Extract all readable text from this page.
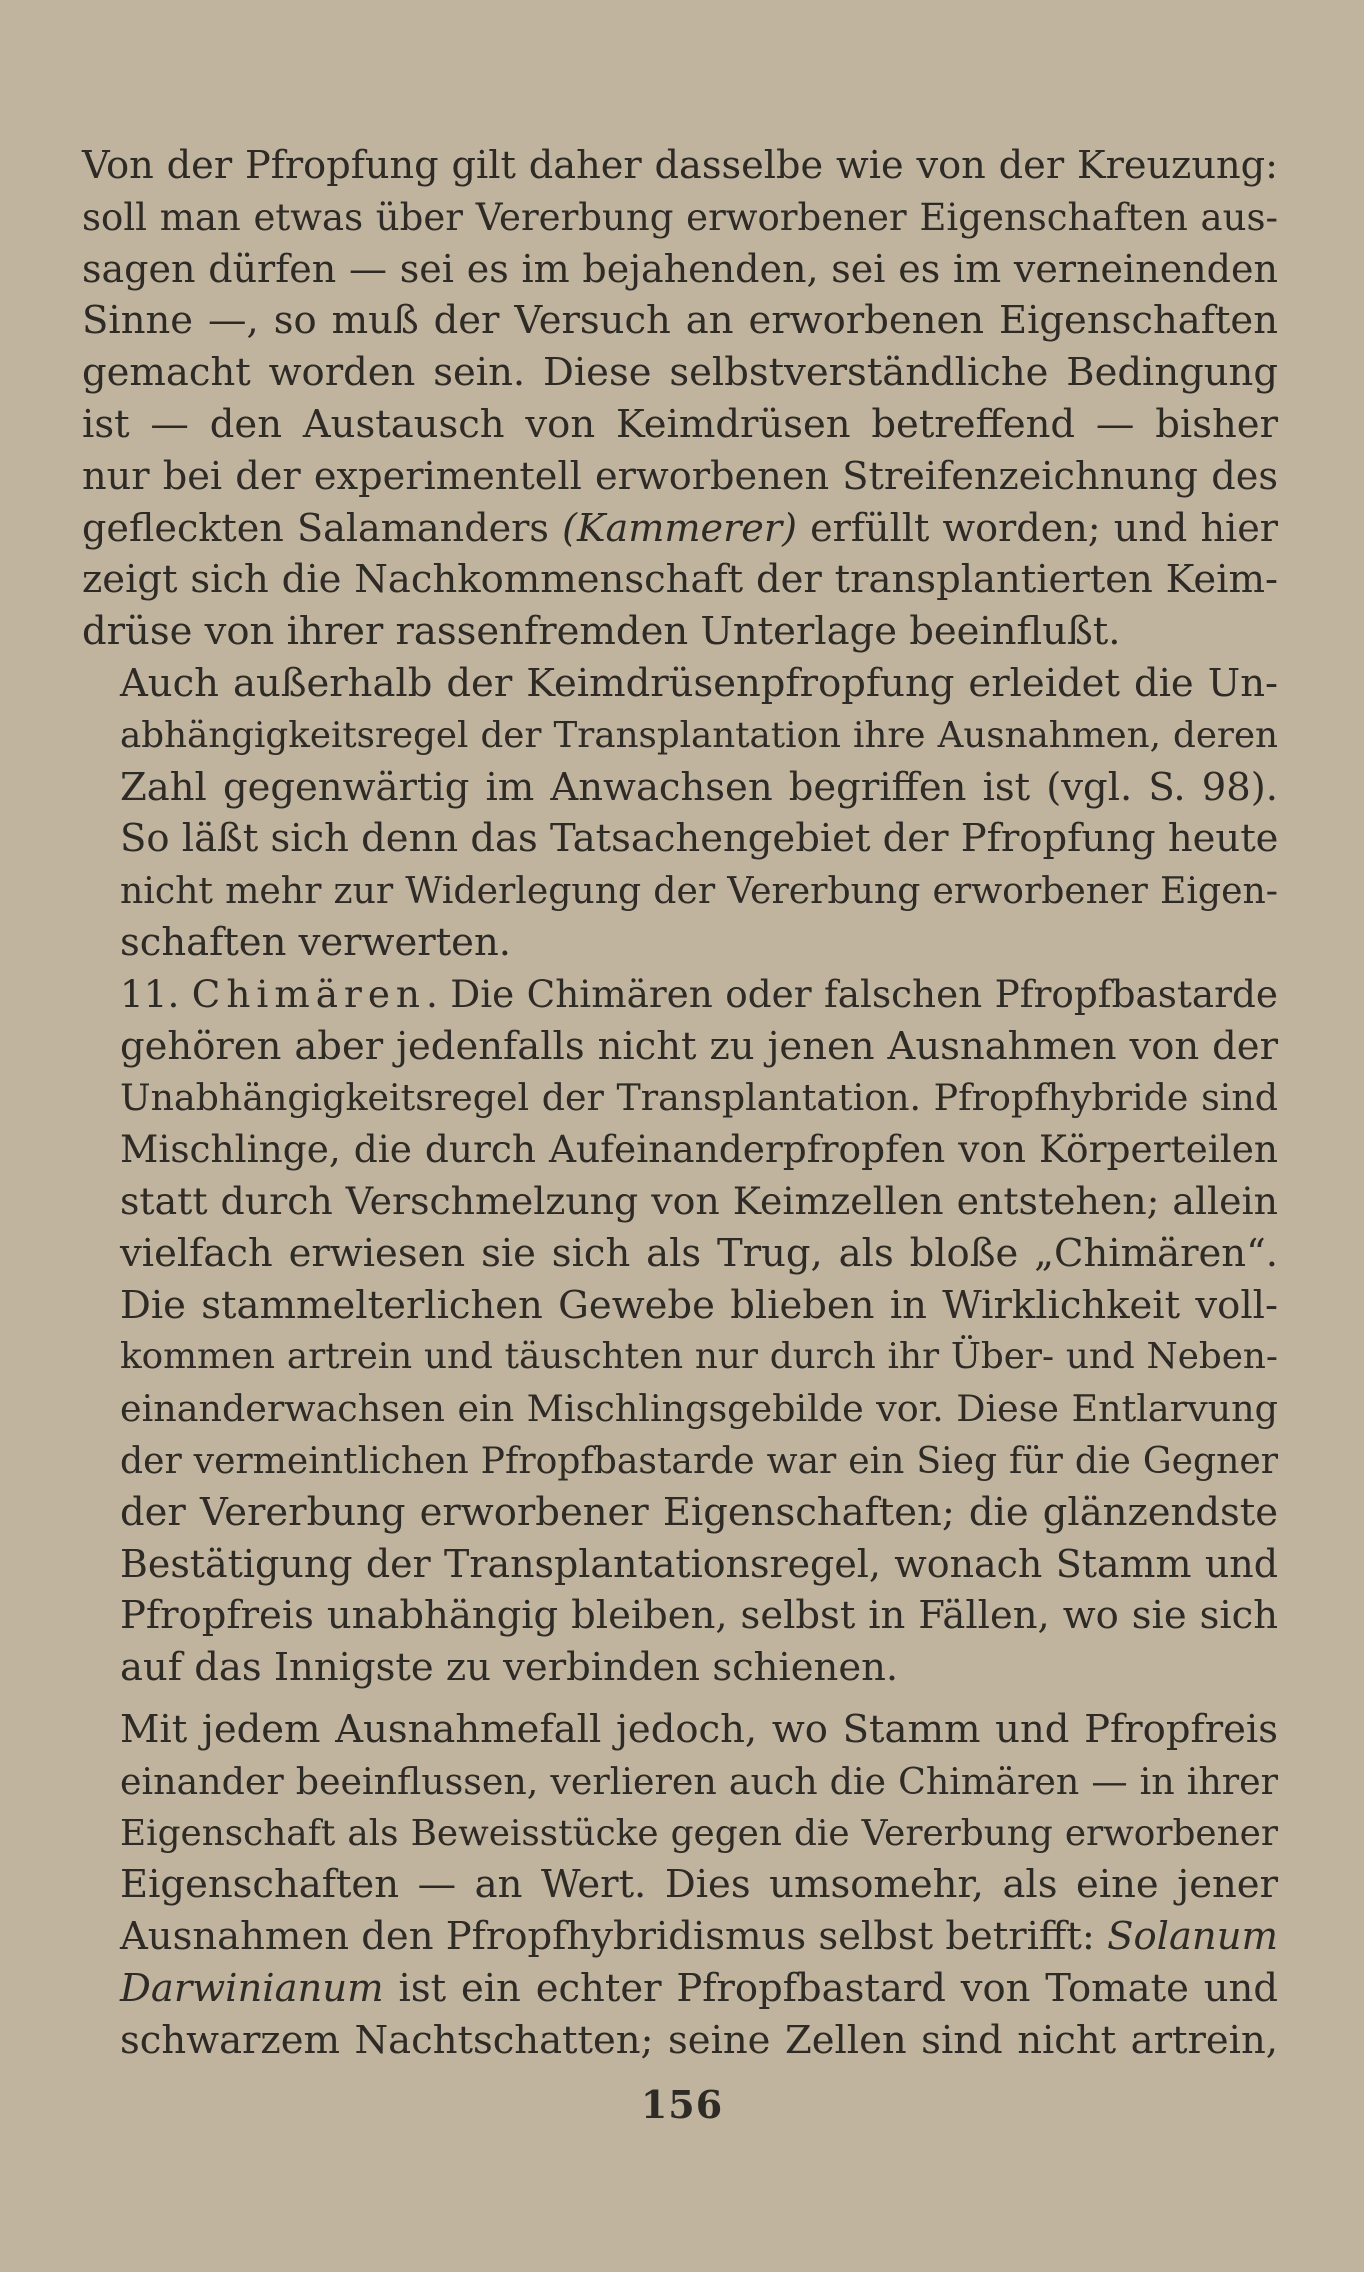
Von der Pfropfung gilt daher dasselbe wie von der Kreuzung:
soll man etwas über Vererbung erworbener Eigenschaften aus-
sagen dürfen — sei es im bejahenden, sei es im verneinenden
Sinne —, so muß der Versuch an erworbenen Eigenschaften
gemacht worden sein. Diese selbstverständliche Bedingung
ist — den Austausch von Keimdrüsen betreffend — bisher
nur bei der experimentell erworbenen Streifenzeichnung des
gefleckten Salamanders (Kammerer) erfüllt worden; und hier
zeigt sich die Nachkommenschaft der transplantierten Keim-
drüse von ihrer rassenfremden Unterlage beeinflußt.

Auch außerhalb der Keimdrüsenpfropfung erleidet die Un-
abhängigkeitsregel der Transplantation ihre Ausnahmen, deren
Zahl gegenwärtig im Anwachsen begriffen ist (vgl. S. 98).
So läßt sich denn das Tatsachengebiet der Pfropfung heute
nicht mehr zur Widerlegung der Vererbung erworbener Eigen-
schaften verwerten.

11. Chimären. Die Chimären oder falschen Pfropfbastarde
gehören aber jedenfalls nicht zu jenen Ausnahmen von der
Unabhängigkeitsregel der Transplantation. Pfropfhybride sind
Mischlinge, die durch Aufeinanderpfropfen von Körperteilen
statt durch Verschmelzung von Keimzellen entstehen; allein
vielfach erwiesen sie sich als Trug, als bloße „Chimären“.
Die stammelterlichen Gewebe blieben in Wirklichkeit voll-
kommen artrein und täuschten nur durch ihr Über- und Neben-
einanderwachsen ein Mischlingsgebilde vor. Diese Entlarvung
der vermeintlichen Pfropfbastarde war ein Sieg für die Gegner
der Vererbung erworbener Eigenschaften; die glänzendste
Bestätigung der Transplantationsregel, wonach Stamm und
Pfropfreis unabhängig bleiben, selbst in Fällen, wo sie sich
auf das Innigste zu verbinden schienen.

Mit jedem Ausnahmefall jedoch, wo Stamm und Pfropfreis
einander beeinflussen, verlieren auch die Chimären — in ihrer
Eigenschaft als Beweisstücke gegen die Vererbung erworbener
Eigenschaften — an Wert. Dies umsomehr, als eine jener
Ausnahmen den Pfropfhybridismus selbst betrifft: Solanum
Darwinianum ist ein echter Pfropfbastard von Tomate und
schwarzem Nachtschatten; seine Zellen sind nicht artrein,

156
